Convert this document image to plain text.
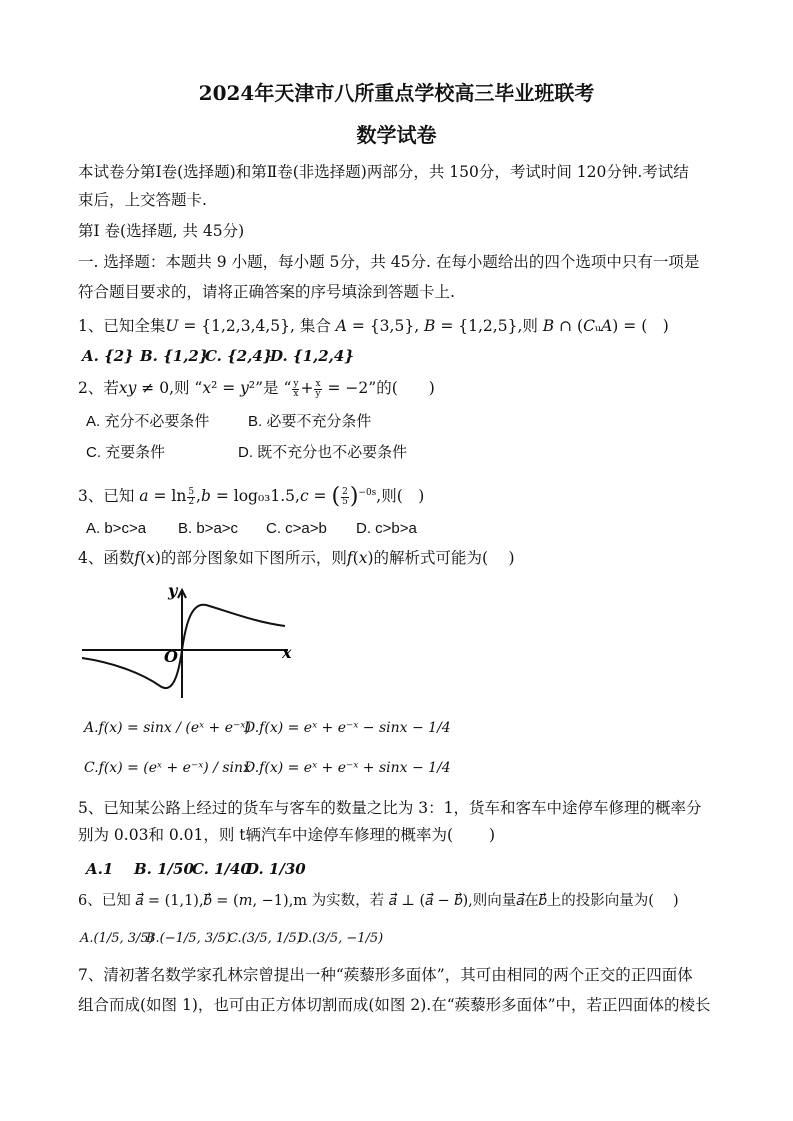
2024年天津市八所重点学校高三毕业班联考
数学试卷
本试卷分第Ⅰ卷(选择题)和第Ⅱ卷(非选择题)两部分，共 150分，考试时间 120分钟.考试结
束后，上交答题卡.
第Ⅰ 卷(选择题, 共 45分)
一. 选择题：本题共 9 小题，每小题 5分，共 45分. 在每小题给出的四个选项中只有一项是
符合题目要求的，请将正确答案的序号填涂到答题卡上.
1、已知全集𝑈 = {1,2,3,4,5}, 集合 𝐴 = {3,5}, 𝐵 = {1,2,5},则 𝐵 ∩ (𝐶ᵤ𝐴) = (　)
A. {2} B. {1,2}
C. {2,4}
D. {1,2,4}
2、若𝑥𝑦 ≠ 0,则 “𝑥² = 𝑦²”是 “ $\frac{y}{x} + \frac{x}{y} = -2$”的(　　)
A. 充分不必要条件	B. 必要不充分条件
C. 充要条件	D. 既不充分也不必要条件
3、已知 𝑎 = $\ln \frac{5}{2}$ ,𝑏 = log₀₃1.5,𝑐 = ( $\frac{2}{5} )^{-0s}$,则(　)
A. b>c>a B. b>a>c C. c>a>b D. c>b>a
4、函数𝑓(𝑥)的部分图象如下图所示，则𝑓(𝑥)的解析式可能为(　 )
y
x
O
A.𝑓(𝑥) = sinx / (eˣ + e⁻ˣ)
D.𝑓(𝑥) = 𝑒ˣ + 𝑒⁻ˣ − sin𝑥 − 1/4
C.𝑓(𝑥) = (eˣ + e⁻ˣ) / sinx
D.𝑓(𝑥) = 𝑒ˣ + 𝑒⁻ˣ + sin𝑥 − 1/4
5、已知某公路上经过的货车与客车的数量之比为 3：1，货车和客车中途停车修理的概率分
别为 0.03和 0.01，则 t辆汽车中途停车修理的概率为(　　 )
A.1 B. 1/50
C. 1/40
D. 1/30
6、已知 𝑎⃗ = (1,1),𝑏⃗ = (𝑚, −1),m 为实数，若 𝑎⃗ ⊥ (𝑎⃗ − 𝑏⃗),则向量𝑎⃗在𝑏⃗上的投影向量为(　 )
A.(1/5, 3/5)
B.(−1/5, 3/5)
C.(3/5, 1/5)
D.(3/5, −1/5)
7、清初著名数学家孔林宗曾提出一种“蒺藜形多面体”，其可由相同的两个正交的正四面体
组合而成(如图 1)，也可由正方体切割而成(如图 2).在“蒺藜形多面体”中，若正四面体的棱长
